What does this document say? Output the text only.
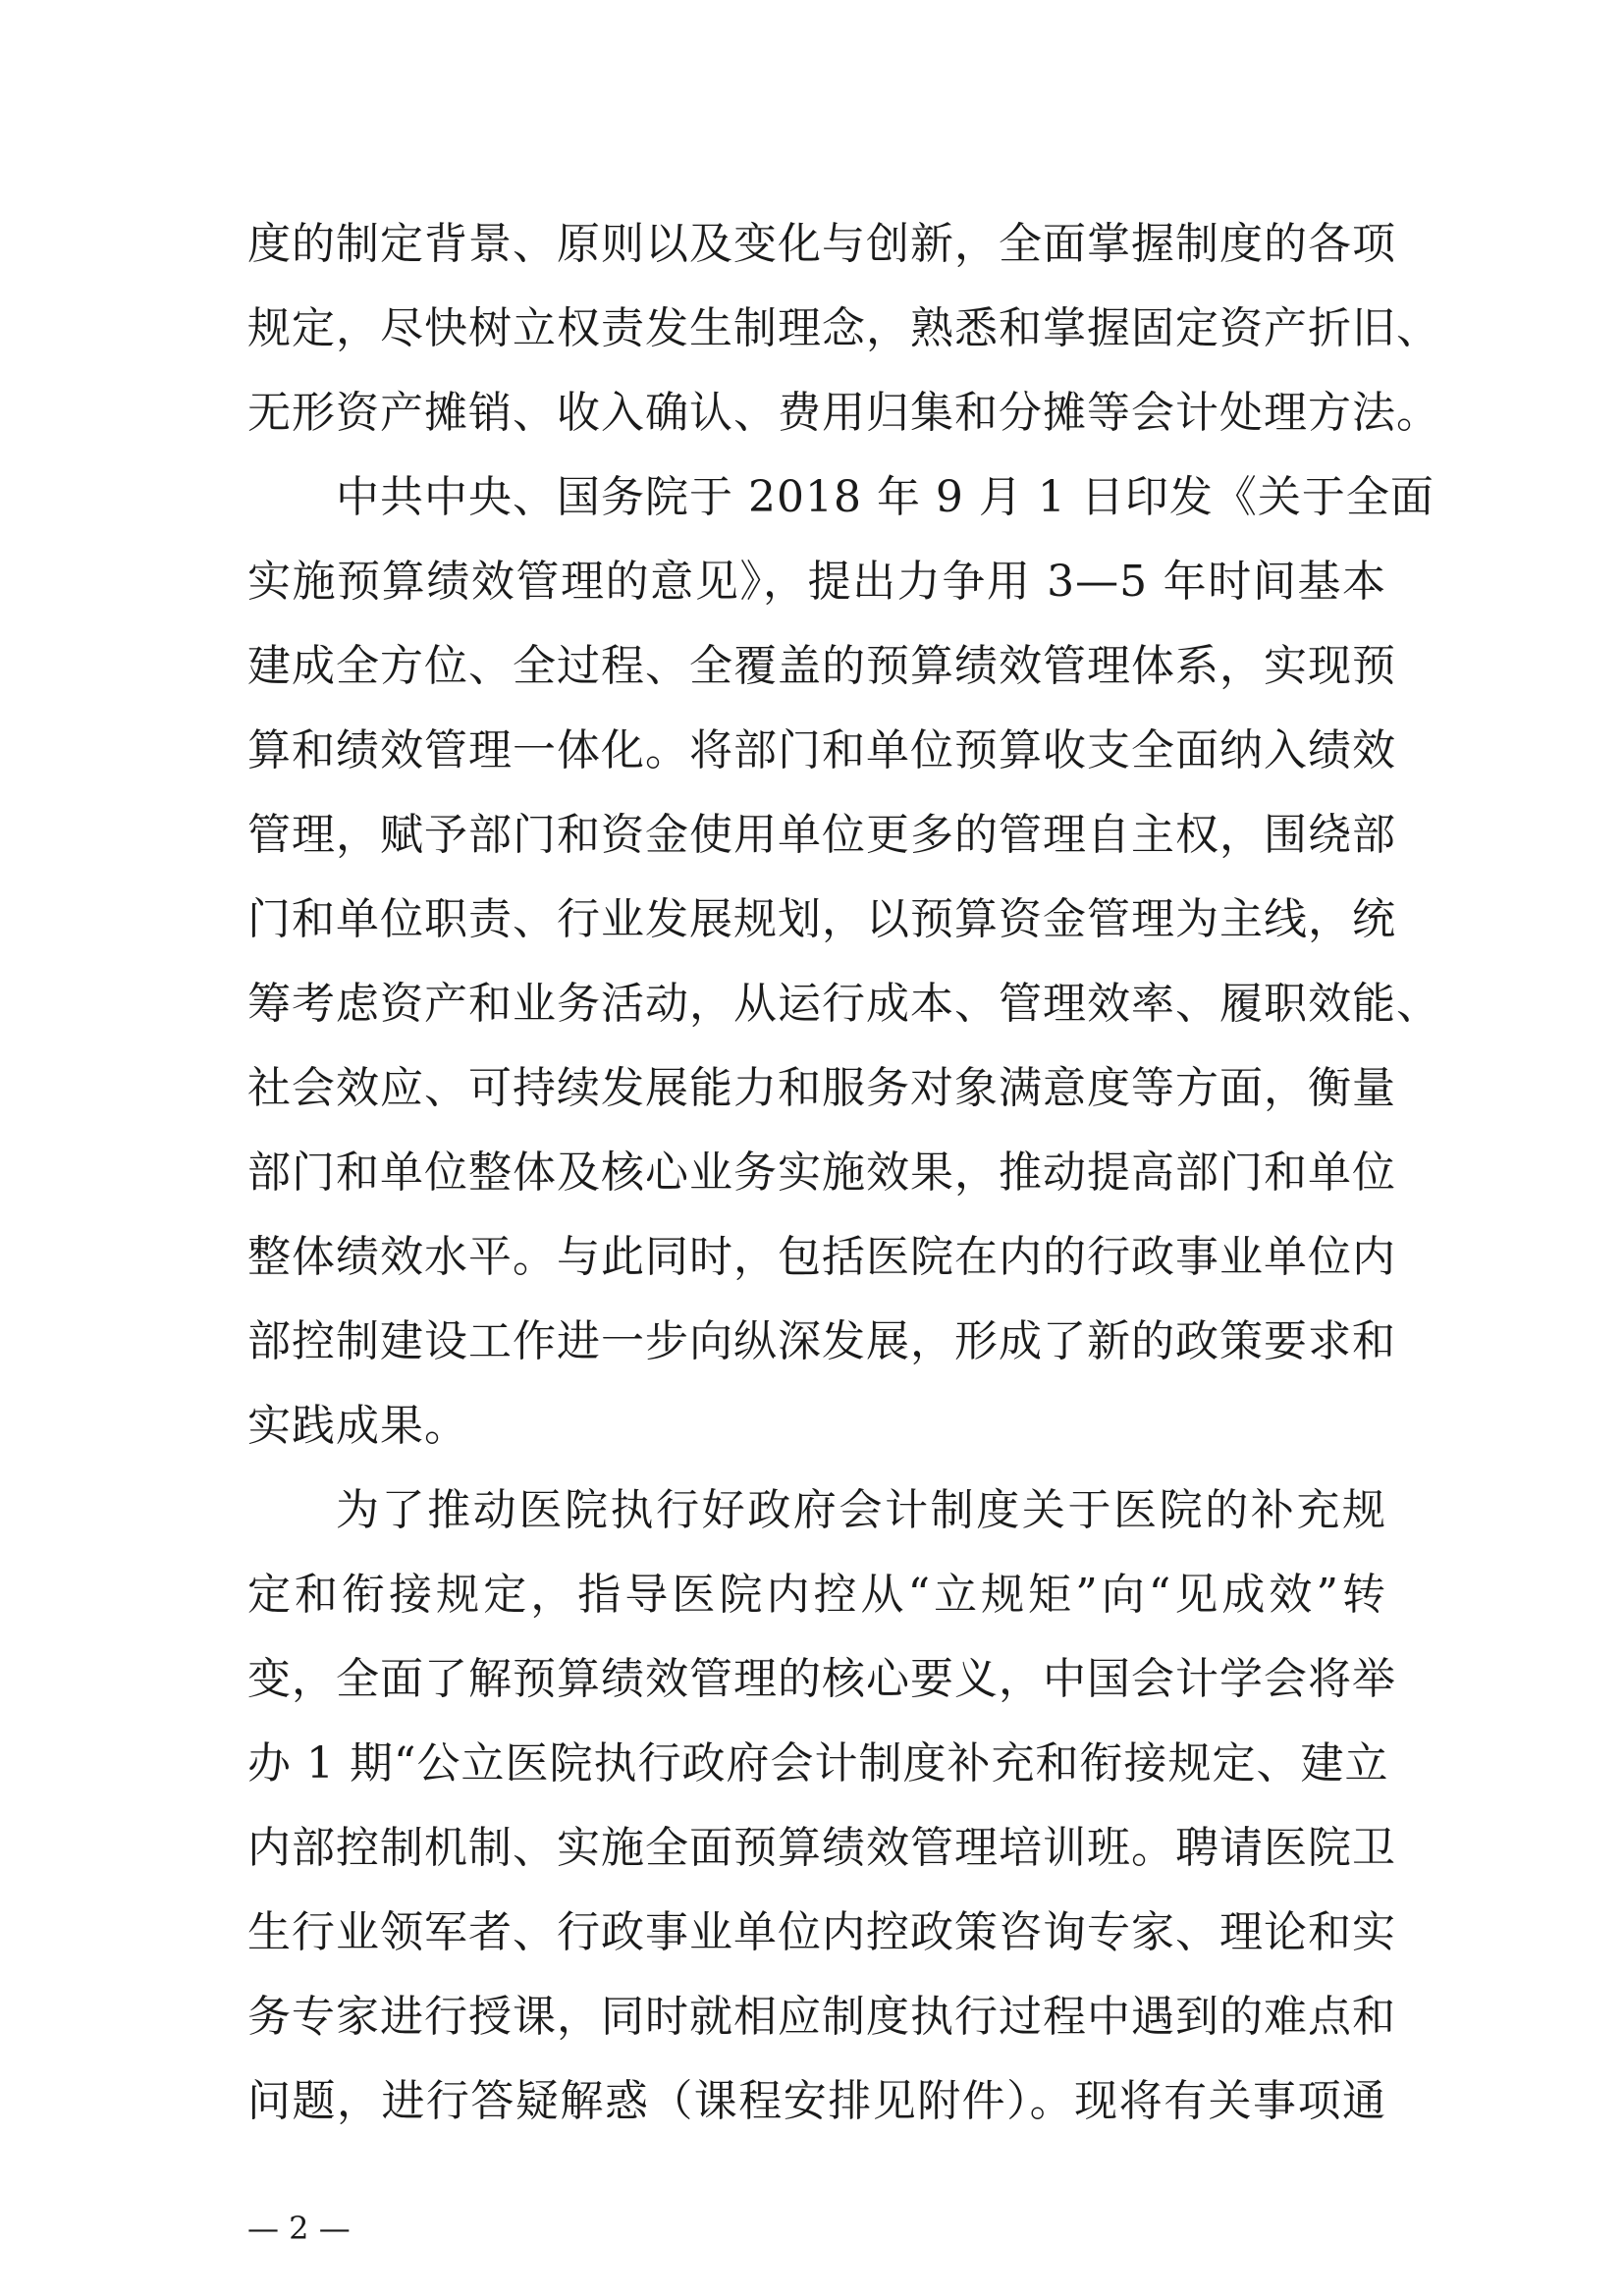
度的制定背景、原则以及变化与创新，全面掌握制度的各项
规定，尽快树立权责发生制理念，熟悉和掌握固定资产折旧、
无形资产摊销、收入确认、费用归集和分摊等会计处理方法。
中共中央、国务院于 2018 年 9 月 1 日印发《关于全面
实施预算绩效管理的意见》，提出力争用 3—5 年时间基本
建成全方位、全过程、全覆盖的预算绩效管理体系，实现预
算和绩效管理一体化。将部门和单位预算收支全面纳入绩效
管理，赋予部门和资金使用单位更多的管理自主权，围绕部
门和单位职责、行业发展规划，以预算资金管理为主线，统
筹考虑资产和业务活动，从运行成本、管理效率、履职效能、
社会效应、可持续发展能力和服务对象满意度等方面，衡量
部门和单位整体及核心业务实施效果，推动提高部门和单位
整体绩效水平。与此同时，包括医院在内的行政事业单位内
部控制建设工作进一步向纵深发展，形成了新的政策要求和
实践成果。
为了推动医院执行好政府会计制度关于医院的补充规
定和衔接规定，指导医院内控从“立规矩”向“见成效”转
变，全面了解预算绩效管理的核心要义，中国会计学会将举
办 1 期“公立医院执行政府会计制度补充和衔接规定、建立
内部控制机制、实施全面预算绩效管理培训班。聘请医院卫
生行业领军者、行政事业单位内控政策咨询专家、理论和实
务专家进行授课，同时就相应制度执行过程中遇到的难点和
问题，进行答疑解惑（课程安排见附件）。现将有关事项通
— 2 —
